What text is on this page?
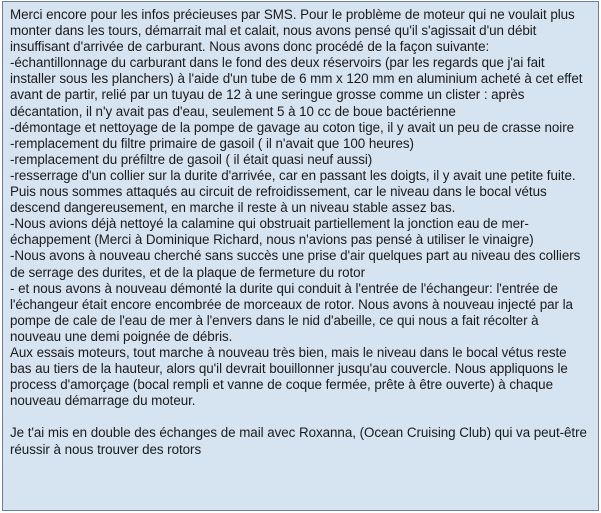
Merci encore pour les infos précieuses par SMS. Pour le problème de moteur qui ne voulait plus monter dans les tours, démarrait mal et calait, nous avons pensé qu'il s'agissait d'un débit insuffisant d'arrivée de carburant. Nous avons donc procédé de la façon suivante:

-échantillonnage du carburant dans le fond des deux réservoirs (par les regards que j'ai fait installer sous les planchers) à l'aide d'un tube de 6 mm x 120 mm en aluminium acheté à cet effet avant de partir, relié par un tuyau de 12 à une seringue grosse comme un clister : après décantation, il n'y avait pas d'eau, seulement 5 à 10 cc de boue bactérienne

-démontage et nettoyage de la pompe de gavage au coton tige, il y avait un peu de crasse noire

-remplacement du filtre primaire de gasoil ( il n'avait que 100 heures)

-remplacement du préfiltre de gasoil ( il était quasi neuf aussi)

-resserrage d'un collier sur la durite d'arrivée, car en passant les doigts, il y avait une petite fuite.

Puis nous sommes attaqués au circuit de refroidissement, car le niveau dans le bocal vétus descend dangereusement, en marche il reste à un niveau stable assez bas.

-Nous avions déjà nettoyé la calamine qui obstruait partiellement la jonction eau de mer-échappement (Merci à Dominique Richard, nous n'avions pas pensé à utiliser le vinaigre)

-Nous avons à nouveau cherché sans succès une prise d'air quelques part au niveau des colliers de serrage des durites, et de la plaque de fermeture du rotor

- et nous avons à nouveau démonté la durite qui conduit à l'entrée de l'échangeur: l'entrée de l'échangeur était encore encombrée de morceaux de rotor. Nous avons à nouveau injecté par la pompe de cale de l'eau de mer à l'envers dans le nid d'abeille, ce qui nous a fait récolter à nouveau une demi poignée de débris.

Aux essais moteurs, tout marche à nouveau très bien, mais le niveau dans le bocal vétus reste bas au tiers de la hauteur, alors qu'il devrait bouillonner jusqu'au couvercle. Nous appliquons le process d'amorçage (bocal rempli et vanne de coque fermée, prête à être ouverte) à chaque nouveau démarrage du moteur.

Je t'ai mis en double des échanges de mail avec Roxanna, (Ocean Cruising Club) qui va peut-être réussir à nous trouver des rotors
